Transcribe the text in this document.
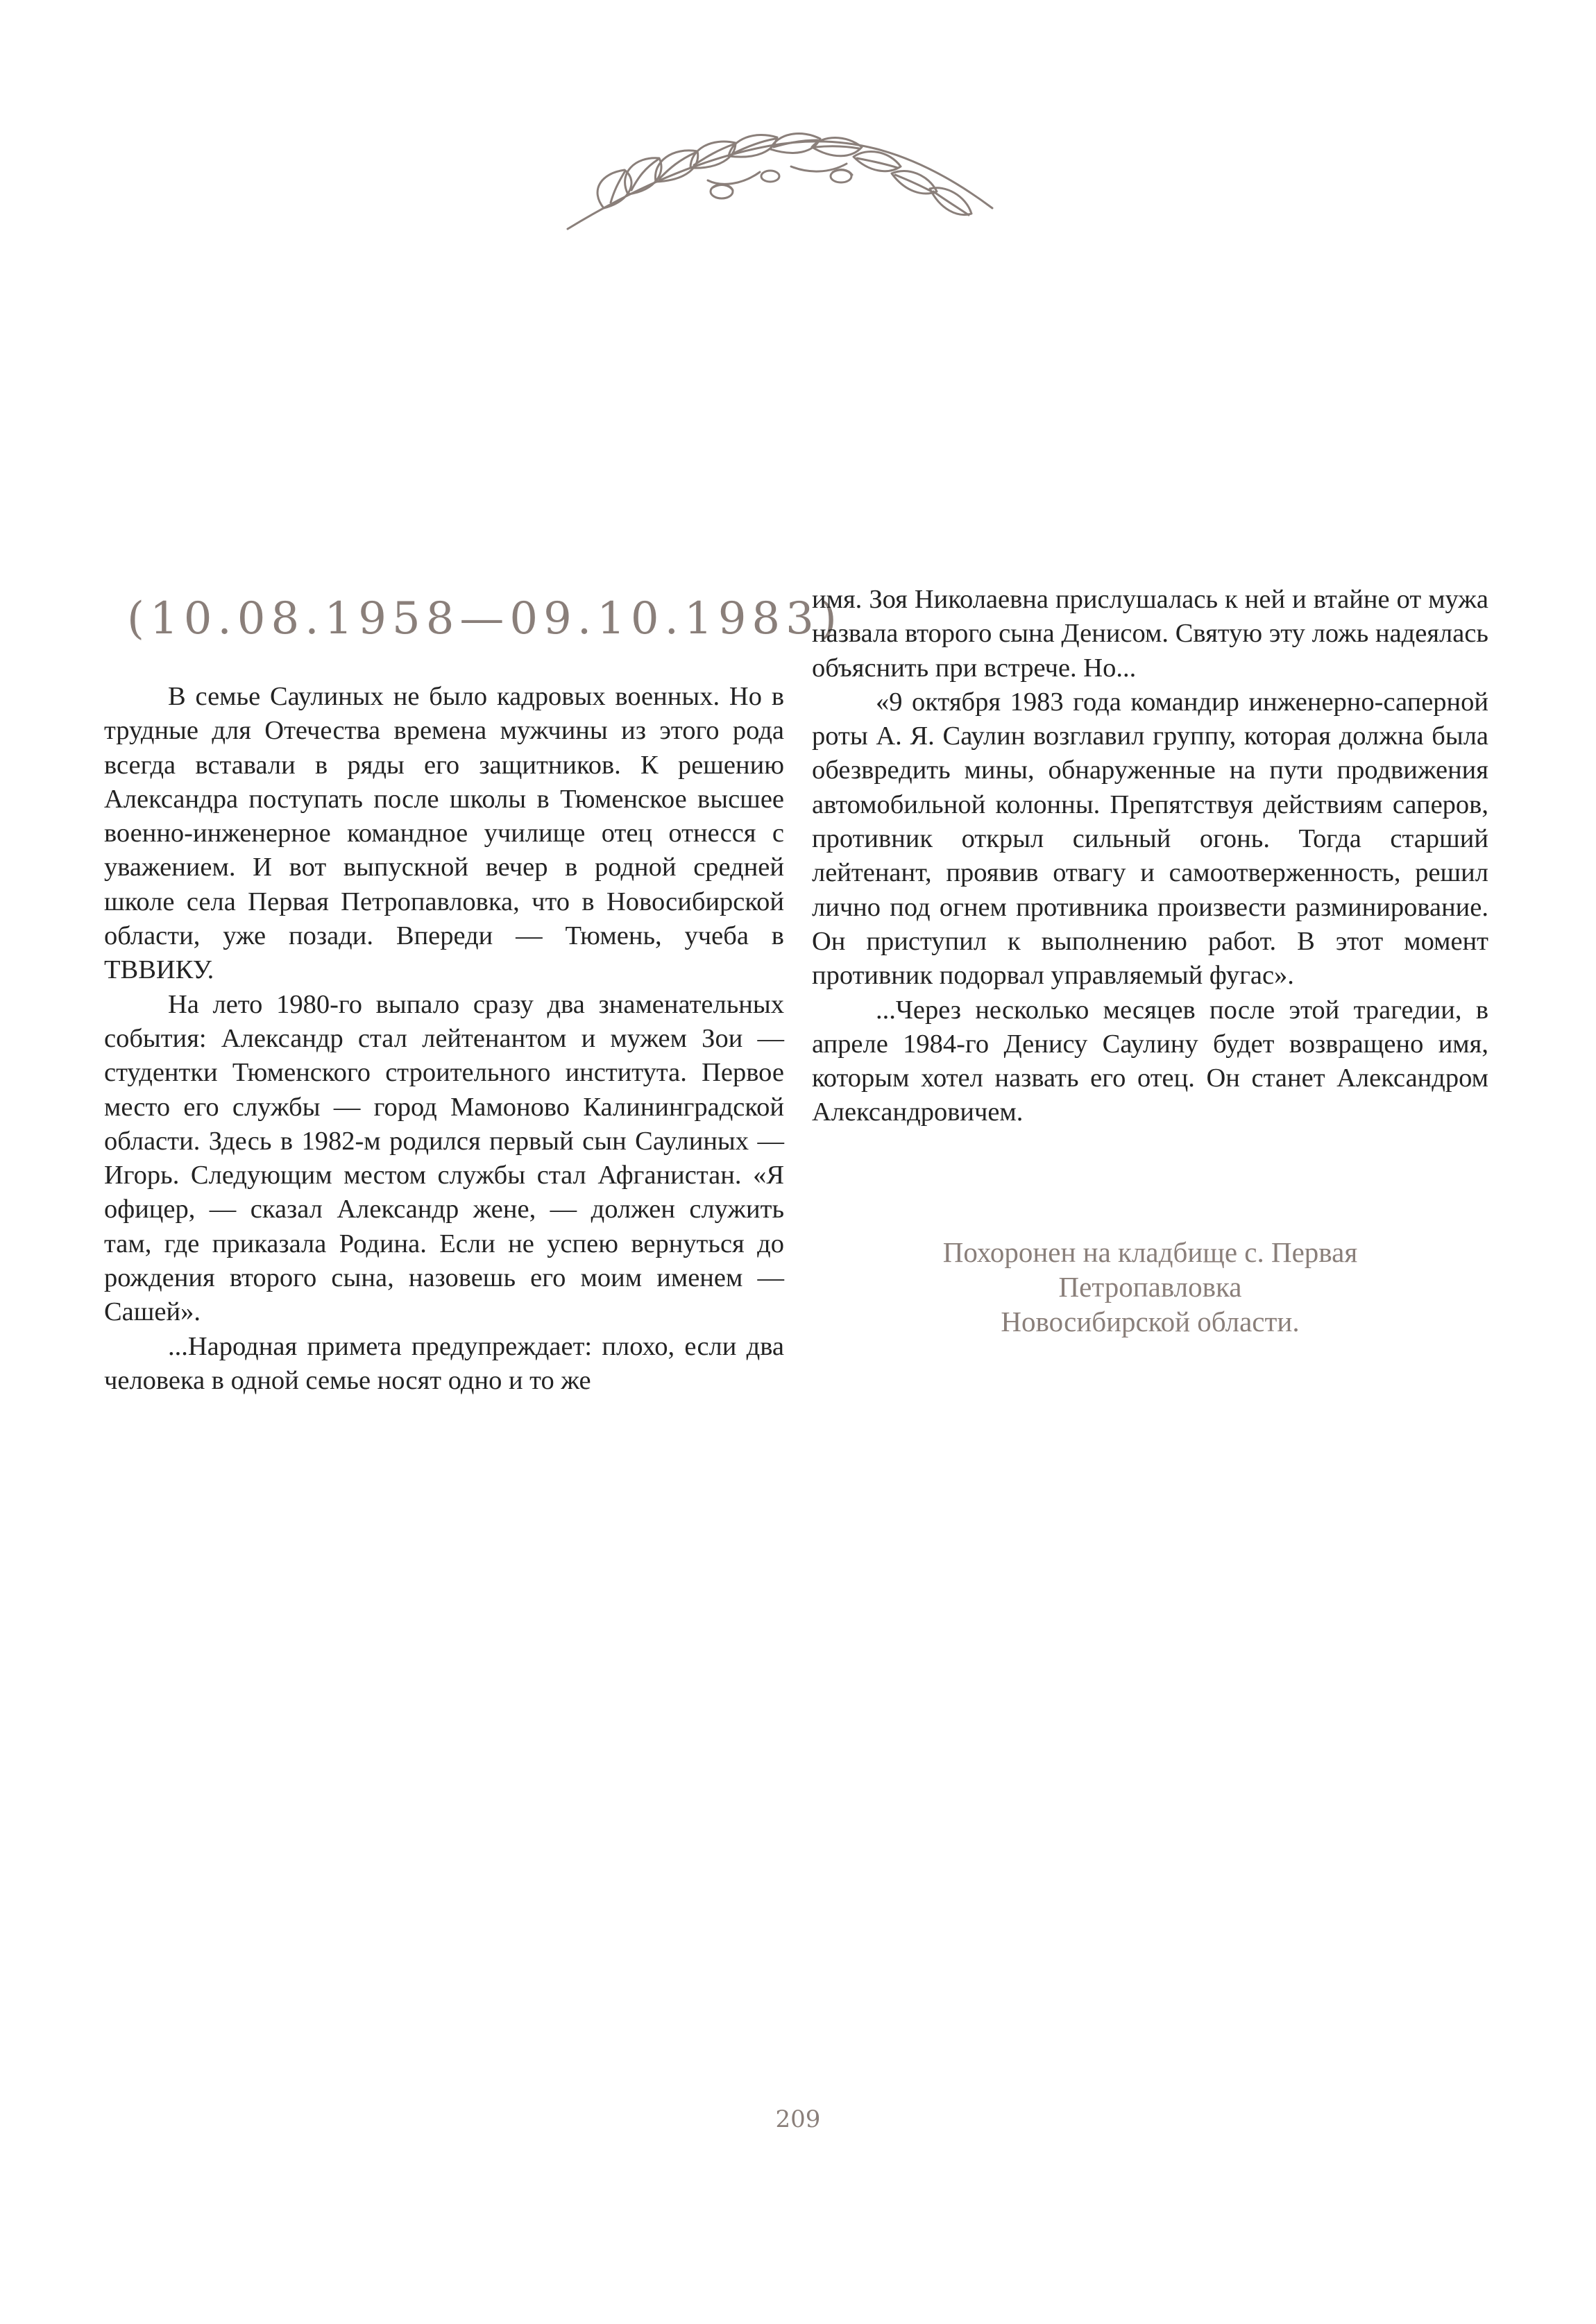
(10.08.1958—09.10.1983)

В семье Саулиных не было кадровых военных. Но в трудные для Отечества времена мужчины из этого рода всегда вставали в ряды его защитников. К решению Александра поступать после школы в Тюменское высшее военно-инженерное командное училище отец отнесся с уважением. И вот выпускной вечер в родной средней школе села Первая Петропавловка, что в Новосибирской области, уже позади. Впереди — Тюмень, учеба в ТВВИКУ.

На лето 1980-го выпало сразу два знаменательных события: Александр стал лейтенантом и мужем Зои — студентки Тюменского строительного института. Первое место его службы — город Мамоново Калининградской области. Здесь в 1982-м родился первый сын Саулиных — Игорь. Следующим местом службы стал Афганистан. «Я офицер, — сказал Александр жене, — должен служить там, где приказала Родина. Если не успею вернуться до рождения второго сына, назовешь его моим именем — Сашей».

...Народная примета предупреждает: плохо, если два человека в одной семье носят одно и то же

имя. Зоя Николаевна прислушалась к ней и втайне от мужа назвала второго сына Денисом. Святую эту ложь надеялась объяснить при встрече. Но...

«9 октября 1983 года командир инженерно-саперной роты А. Я. Саулин возглавил группу, которая должна была обезвредить мины, обнаруженные на пути продвижения автомобильной колонны. Препятствуя действиям саперов, противник открыл сильный огонь. Тогда старший лейтенант, проявив отвагу и самоотверженность, решил лично под огнем противника произвести разминирование. Он приступил к выполнению работ. В этот момент противник подорвал управляемый фугас».

...Через несколько месяцев после этой трагедии, в апреле 1984-го Денису Саулину будет возвращено имя, которым хотел назвать его отец. Он станет Александром Александровичем.

Похоронен на кладбище с. Первая
Петропавловка
Новосибирской области.
209
